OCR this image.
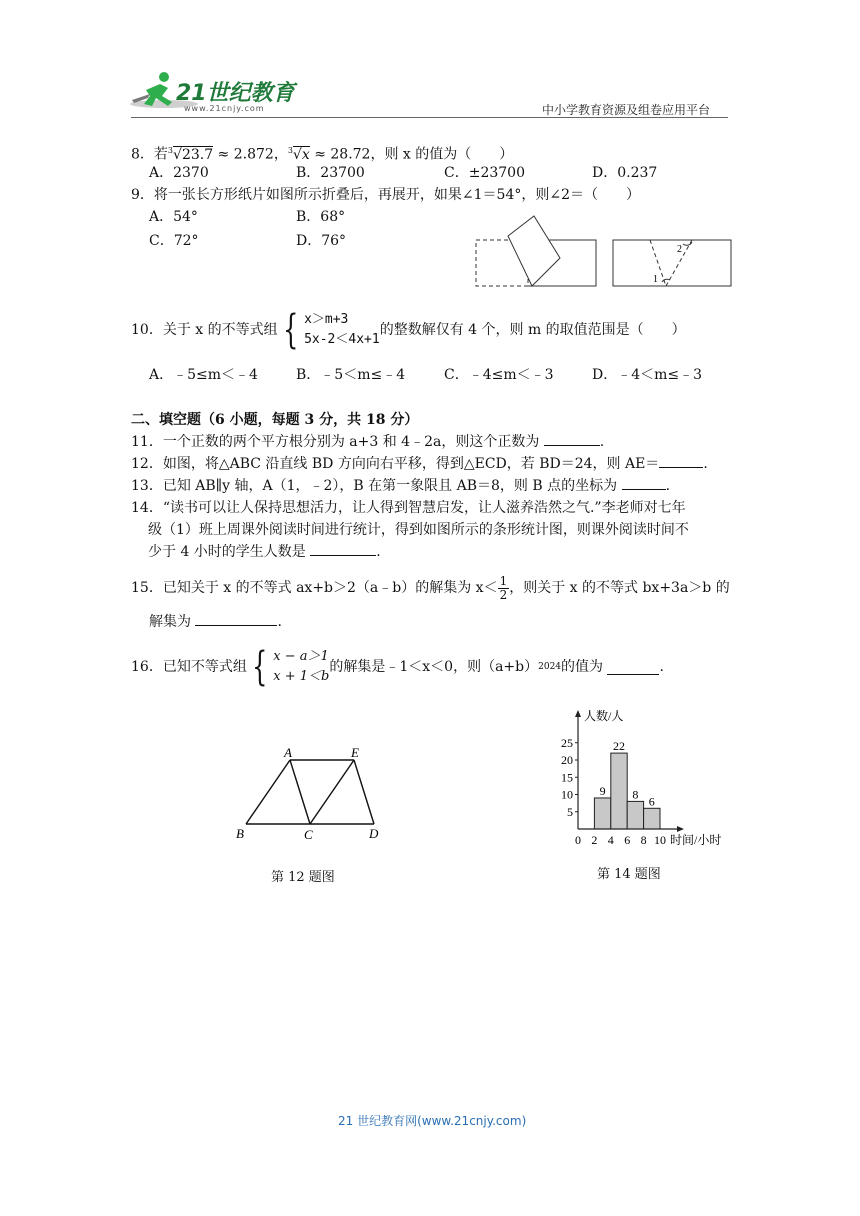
21世纪教育
www.21cnjy.com	中小学教育资源及组卷应用平台
8．若$^3$√23.7 ≈ 2.872，$^3$√x ≈ 28.72，则 x 的值为（　　）
A．2370	B．23700	C．±23700	D．0.237
9．将一张长方形纸片如图所示折叠后，再展开，如果∠1＝54°，则∠2＝（　　）
A．54°	B．68°
C．72°	D．76°
2
1
10． 关于 x 的不等式组 { x＞m+3
5x-2＜4x+1
的整数解仅有 4 个，则 m 的取值范围是（　　）
A．﹣5≤m＜﹣4	B．﹣5＜m≤﹣4	C．﹣4≤m＜﹣3	D．﹣4＜m≤﹣3
二、填空题（6 小题，每题 3 分，共 18 分）
11．一个正数的两个平方根分别为 a+3 和 4﹣2a，则这个正数为	.
12．如图，将△ABC 沿直线 BD 方向向右平移，得到△ECD，若 BD＝24，则 AE＝	.
13．已知 AB∥y 轴，A（1，﹣2），B 在第一象限且 AB＝8，则 B 点的坐标为	.
14．“读书可以让人保持思想活力，让人得到智慧启发，让人滋养浩然之气.”李老师对七年
级（1）班上周课外阅读时间进行统计，得到如图所示的条形统计图，则课外阅读时间不
少于 4 小时的学生人数是	.
15． 已知关于 x 的不等式 ax+b＞2（a﹣b）的解集为 $x< \frac{1}{2}$ ，则关于 x 的不等式 bx+3a＞b 的
解集为	.
16． 已知不等式组 { x − a＞1
x + 1＜b
的解集是﹣1＜x＜0，则（a+b） 2024 的值为
	.
A	E
B	C	D
第 12 题图
9
22
8 6
0 2 4 6 8 10
5
10
15
20
25
人数/人
时间/小时
第 14 题图
21 世纪教育网(www.21cnjy.com)
